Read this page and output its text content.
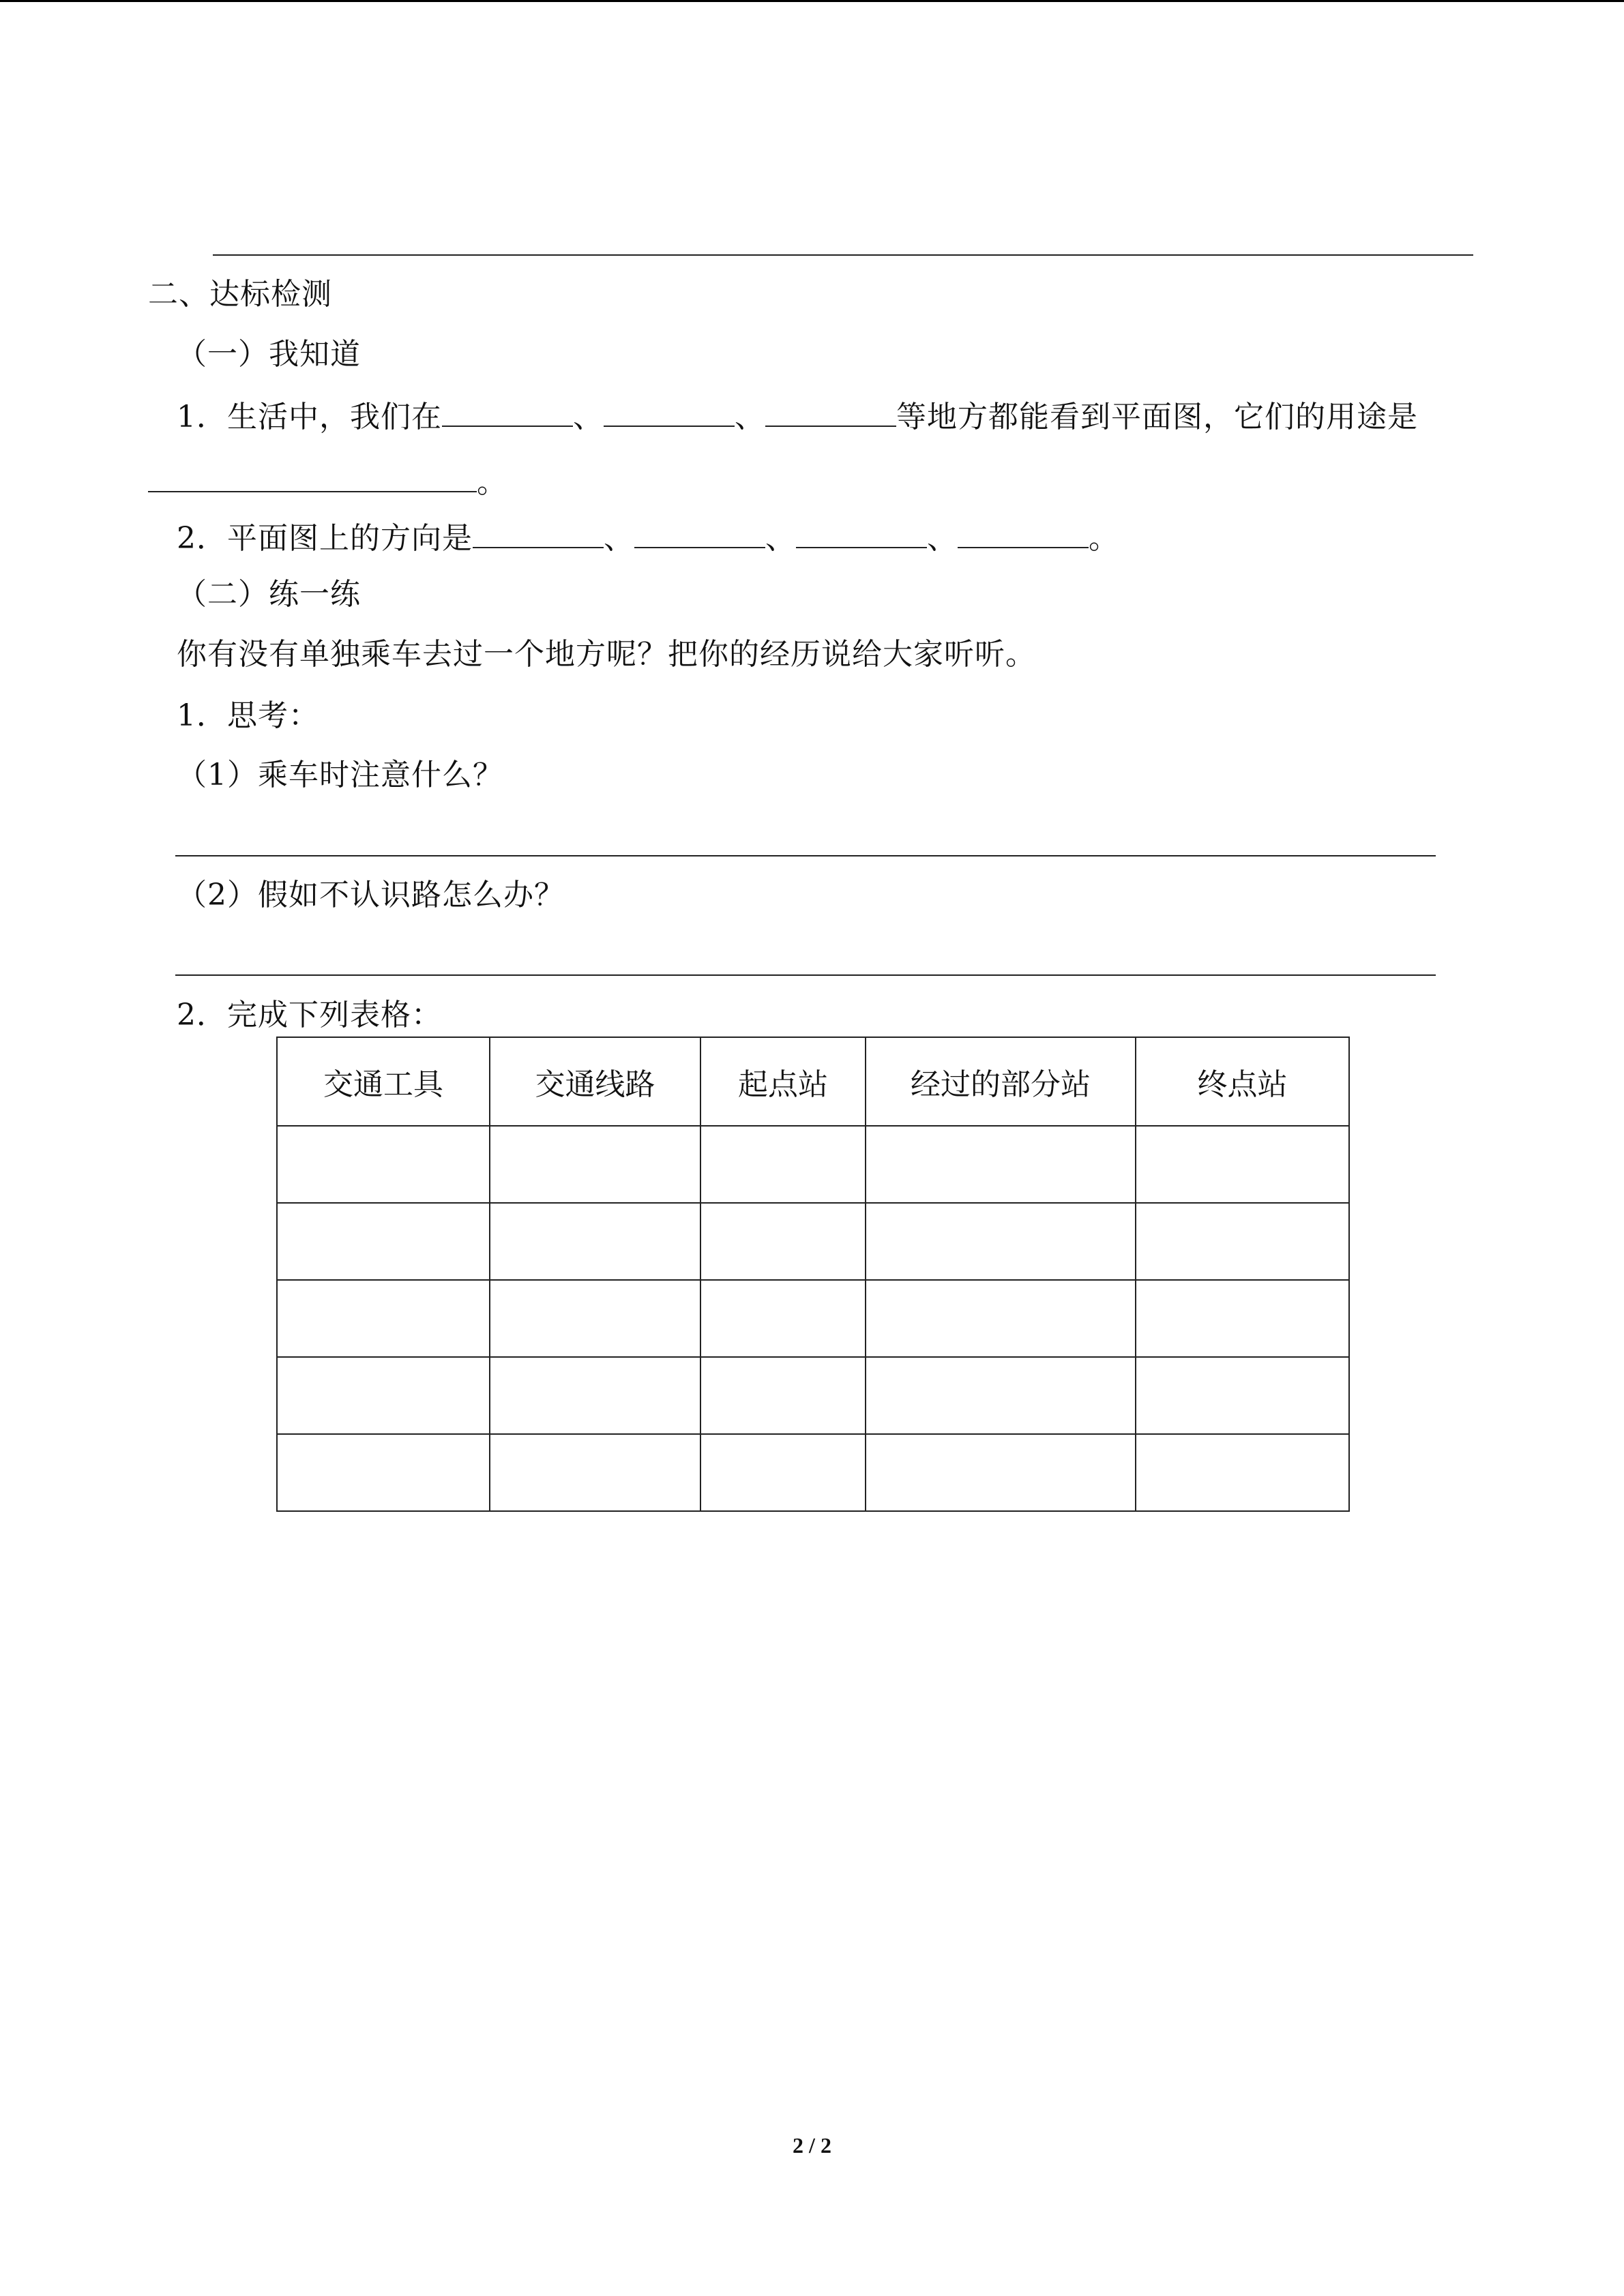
二、达标检测
（一）我知道
1．生活中，我们在	、	、	等地方都能看到平面图，它们的用途是
。
2．平面图上的方向是	、	、	、	。
（二）练一练
你有没有单独乘车去过一个地方呢？把你的经历说给大家听听。
1．思考：
（1）乘车时注意什么？
（2）假如不认识路怎么办？
2．完成下列表格：
交通工具	交通线路	起点站	经过的部分站	终点站

2 / 2
